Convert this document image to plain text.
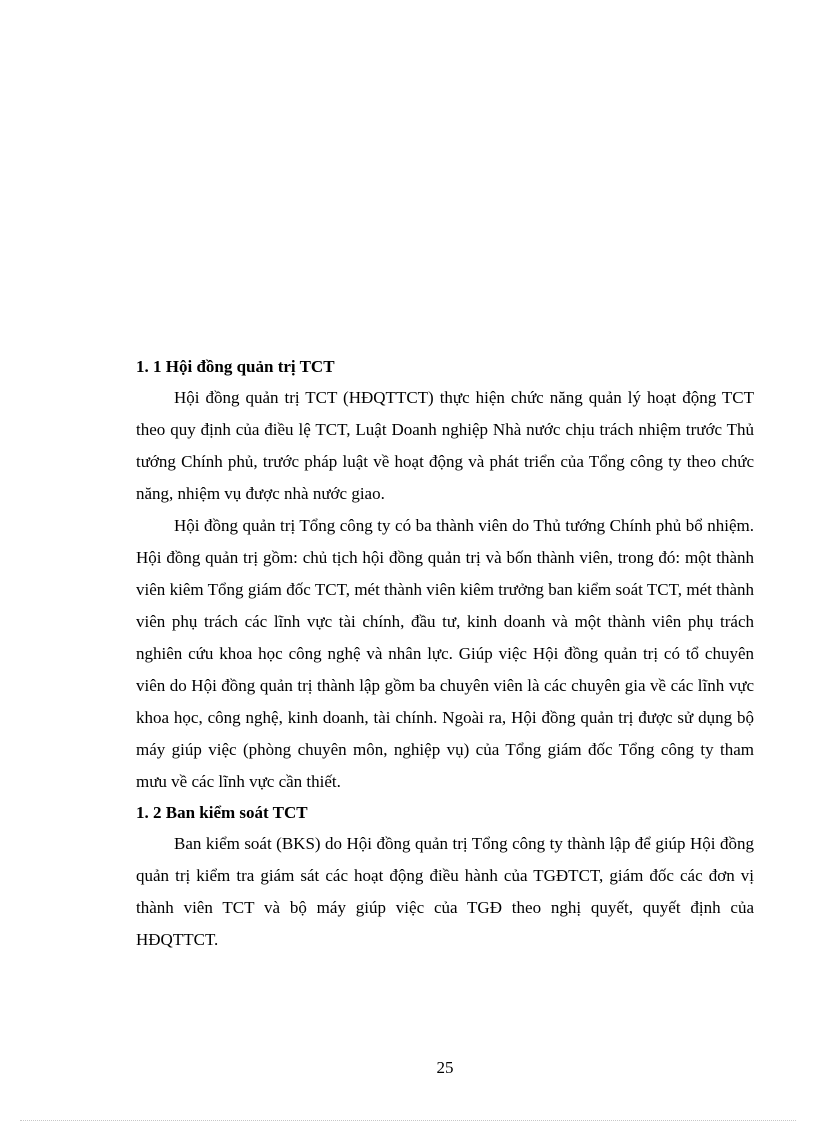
1. 1 Hội đồng quản trị TCT

Hội đồng quản trị TCT (HĐQTTCT) thực hiện chức năng quản lý hoạt động TCT theo quy định của điều lệ TCT, Luật Doanh nghiệp Nhà nước chịu trách nhiệm trước Thủ tướng Chính phủ, trước pháp luật về hoạt động và phát triển của Tổng công ty theo chức năng, nhiệm vụ được nhà nước giao.

Hội đồng quản trị Tổng công ty có ba thành viên do Thủ tướng Chính phủ bổ nhiệm. Hội đồng quản trị gồm: chủ tịch hội đồng quản trị và bốn thành viên, trong đó: một thành viên kiêm Tổng giám đốc TCT, mét thành viên kiêm trưởng ban kiểm soát TCT, mét thành viên phụ trách các lĩnh vực tài chính, đầu tư, kinh doanh và một thành viên phụ trách nghiên cứu khoa học công nghệ và nhân lực. Giúp việc Hội đồng quản trị có tổ chuyên viên do Hội đồng quản trị thành lập gồm ba chuyên viên là các chuyên gia về các lĩnh vực khoa học, công nghệ, kinh doanh, tài chính. Ngoài ra, Hội đồng quản trị được sử dụng bộ máy giúp việc (phòng chuyên môn, nghiệp vụ) của Tổng giám đốc Tổng công ty tham mưu về các lĩnh vực cần thiết.

1. 2 Ban kiểm soát TCT

Ban kiểm soát (BKS) do Hội đồng quản trị Tổng công ty thành lập để giúp Hội đồng quản trị kiểm tra giám sát các hoạt động điều hành của TGĐTCT, giám đốc các đơn vị thành viên TCT và bộ máy giúp việc của TGĐ theo nghị quyết, quyết định của HĐQTTCT.

25
